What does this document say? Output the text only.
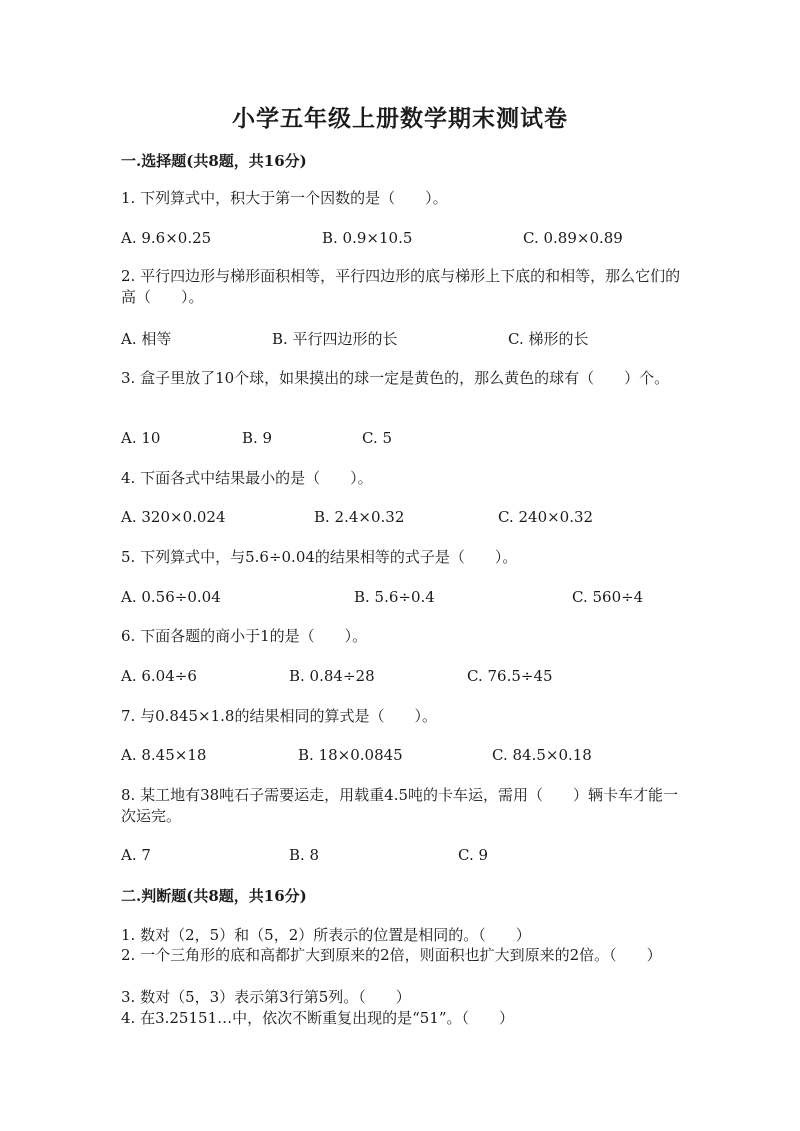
小学五年级上册数学期末测试卷
一.选择题(共8题，共16分)
1. 下列算式中，积大于第一个因数的是（　　）。
A. 9.6×0.25	B. 0.9×10.5	C. 0.89×0.89
2. 平行四边形与梯形面积相等，平行四边形的底与梯形上下底的和相等，那么它们的高（　　）。
A. 相等	B. 平行四边形的长	C. 梯形的长
3. 盒子里放了10个球，如果摸出的球一定是黄色的，那么黄色的球有（　　）个。
A. 10	B. 9	C. 5
4. 下面各式中结果最小的是（　　）。
A. 320×0.024	B. 2.4×0.32	C. 240×0.32
5. 下列算式中，与5.6÷0.04的结果相等的式子是（　　）。
A. 0.56÷0.04	B. 5.6÷0.4	C. 560÷4
6. 下面各题的商小于1的是（　　）。
A. 6.04÷6	B. 0.84÷28	C. 76.5÷45
7. 与0.845×1.8的结果相同的算式是（　　）。
A. 8.45×18	B. 18×0.0845	C. 84.5×0.18
8. 某工地有38吨石子需要运走，用载重4.5吨的卡车运，需用（　　）辆卡车才能一次运完。
A. 7	B. 8	C. 9
二.判断题(共8题，共16分)
1. 数对（2，5）和（5，2）所表示的位置是相同的。（　　）
2. 一个三角形的底和高都扩大到原来的2倍，则面积也扩大到原来的2倍。（　　）
3. 数对（5，3）表示第3行第5列。（　　）
4. 在3.25151…中，依次不断重复出现的是“51”。（　　）
